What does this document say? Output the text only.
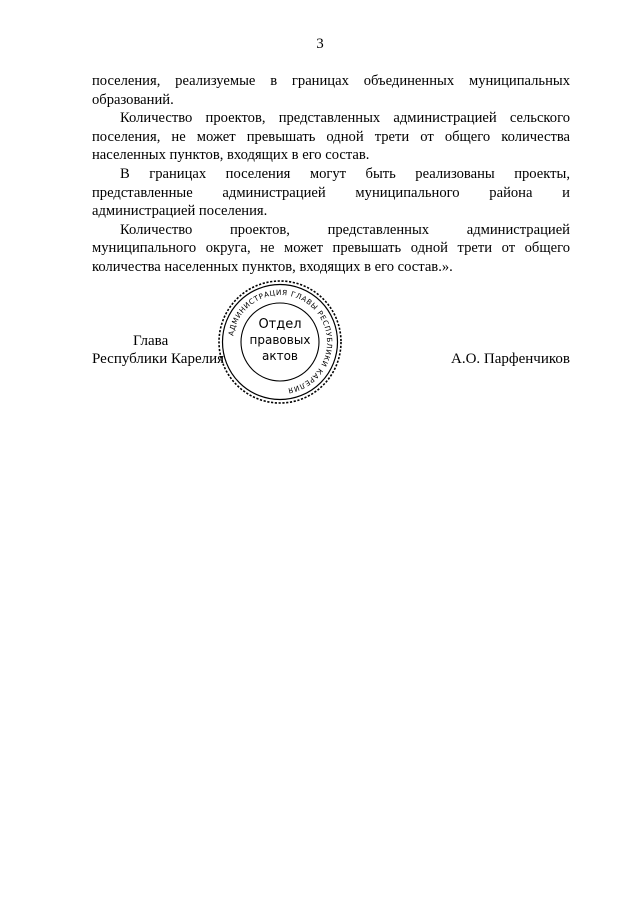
3

поселения, реализуемые в границах объединенных муниципальных образований.

Количество проектов, представленных администрацией сельского поселения, не может превышать одной трети от общего количества населенных пунктов, входящих в его состав.

В границах поселения могут быть реализованы проекты, представленные администрацией муниципального района и администрацией поселения.

Количество проектов, представленных администрацией муниципального округа, не может превышать одной трети от общего количества населенных пунктов, входящих в его состав.».

Глава
Республики Карелия	А.О. Парфенчиков
АДМИНИСТРАЦИЯ ГЛАВЫ РЕСПУБЛИКИ КАРЕЛИЯ
Отдел
правовых
актов
